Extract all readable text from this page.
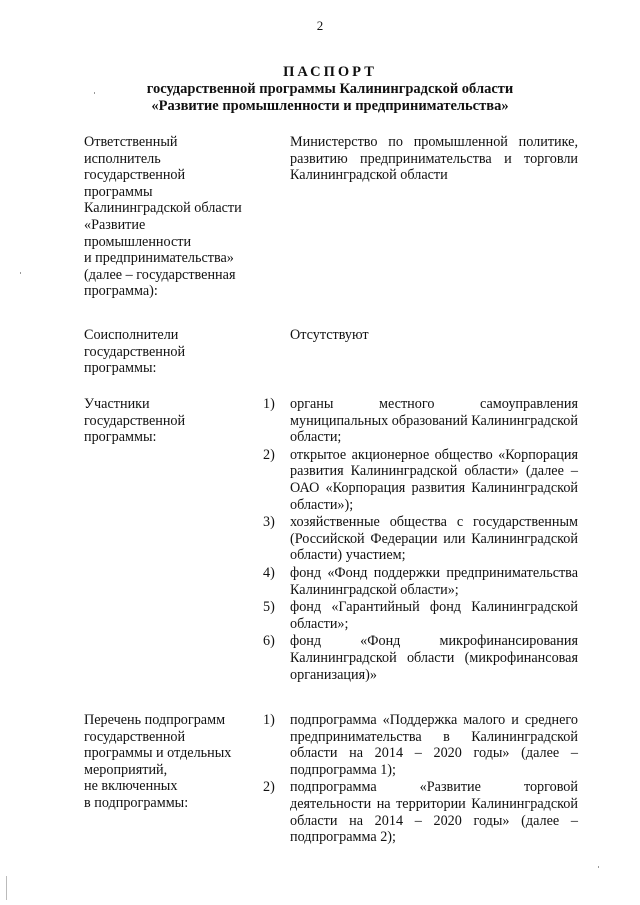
2
ПАСПОРТ
государственной программы Калининградской области
«Развитие промышленности и предпринимательства»
Ответственный
исполнитель
государственной
программы
Калининградской области
«Развитие
промышленности
и предпринимательства»
(далее – государственная
программа):
Министерство по промышленной политике, развитию предпринимательства и торговли Калининградской области
Соисполнители
государственной
программы:
Отсутствуют
Участники
государственной
программы:
1) органы местного самоуправления муниципальных образований Калининградской области;
2) открытое акционерное общество «Корпорация развития Калининградской области» (далее – ОАО «Корпорация развития Калининградской области»);
3) хозяйственные общества с государственным (Российской Федерации или Калининградской области) участием;
4) фонд «Фонд поддержки предпринимательства Калининградской области»;
5) фонд «Гарантийный фонд Калининградской области»;
6) фонд «Фонд микрофинансирования Калининградской области (микрофинансовая организация)»
Перечень подпрограмм
государственной
программы и отдельных
мероприятий,
не включенных
в подпрограммы:
1) подпрограмма «Поддержка малого и среднего предпринимательства в Калининградской области на 2014 – 2020 годы» (далее – подпрограмма 1);
2) подпрограмма «Развитие торговой деятельности на территории Калининградской области на 2014 – 2020 годы» (далее – подпрограмма 2);
